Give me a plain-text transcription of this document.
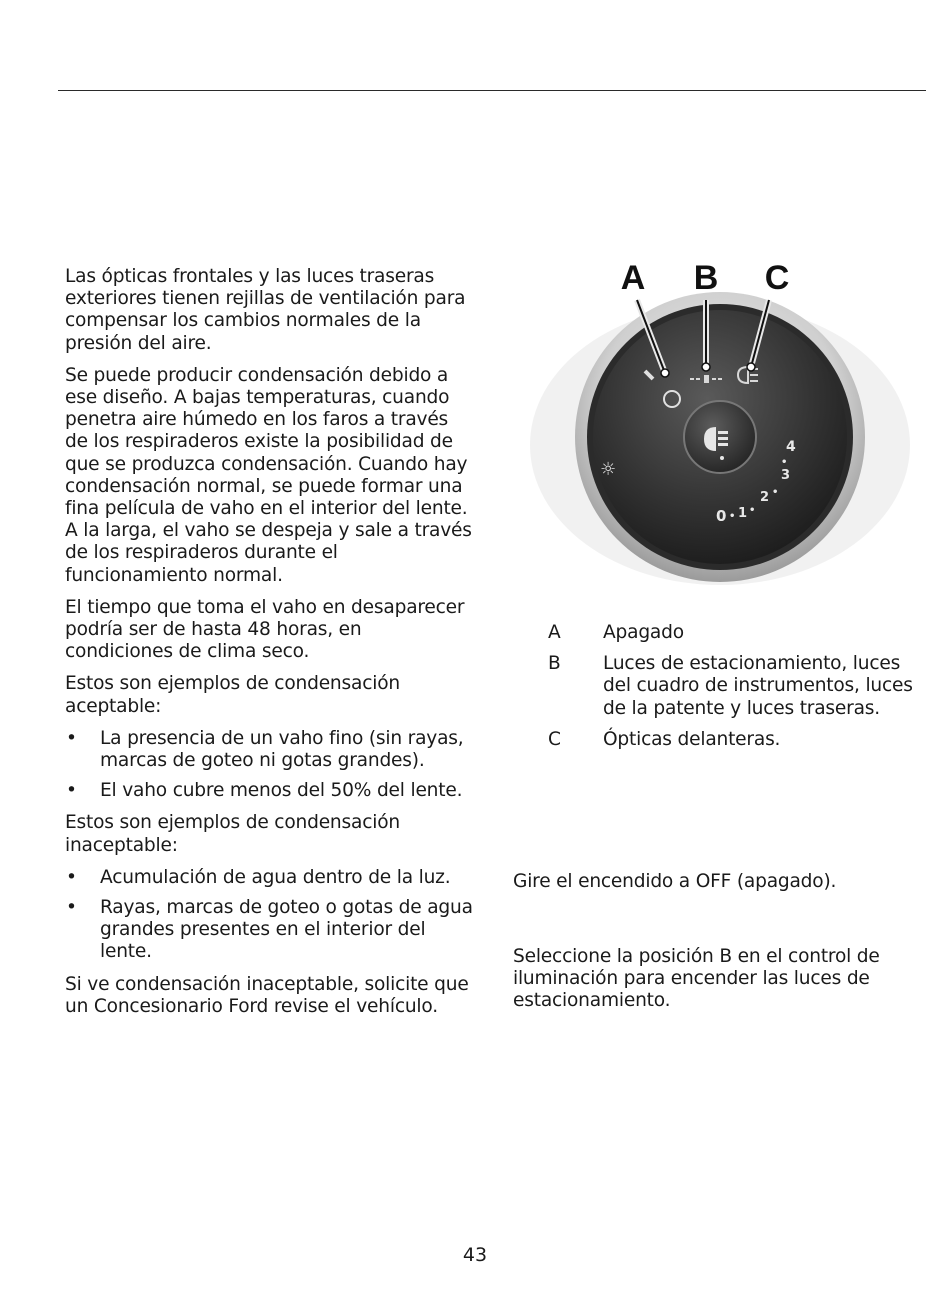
Las ópticas frontales y las luces traseras exteriores tienen rejillas de ventilación para compensar los cambios normales de la presión del aire.

Se puede producir condensación debido a ese diseño. A bajas temperaturas, cuando penetra aire húmedo en los faros a través de los respiraderos existe la posibilidad de que se produzca condensación. Cuando hay condensación normal, se puede formar una fina película de vaho en el interior del lente. A la larga, el vaho se despeja y sale a través de los respiraderos durante el funcionamiento normal.

El tiempo que toma el vaho en desaparecer podría ser de hasta 48 horas, en condiciones de clima seco.

Estos son ejemplos de condensación aceptable:

• La presencia de un vaho fino (sin rayas, marcas de goteo ni gotas grandes).
• El vaho cubre menos del 50% del lente.

Estos son ejemplos de condensación inaceptable:

• Acumulación de agua dentro de la luz.
• Rayas, marcas de goteo o gotas de agua grandes presentes en el interior del lente.

Si ve condensación inaceptable, solicite que un Concesionario Ford revise el vehículo.

☼
0 • 1 •
2 •
3
•
4
A B C
A	Apagado
B	Luces de estacionamiento, luces del cuadro de instrumentos, luces de la patente y luces traseras.
C	Ópticas delanteras.

Gire el encendido a OFF (apagado).

Seleccione la posición B en el control de iluminación para encender las luces de estacionamiento.

43
